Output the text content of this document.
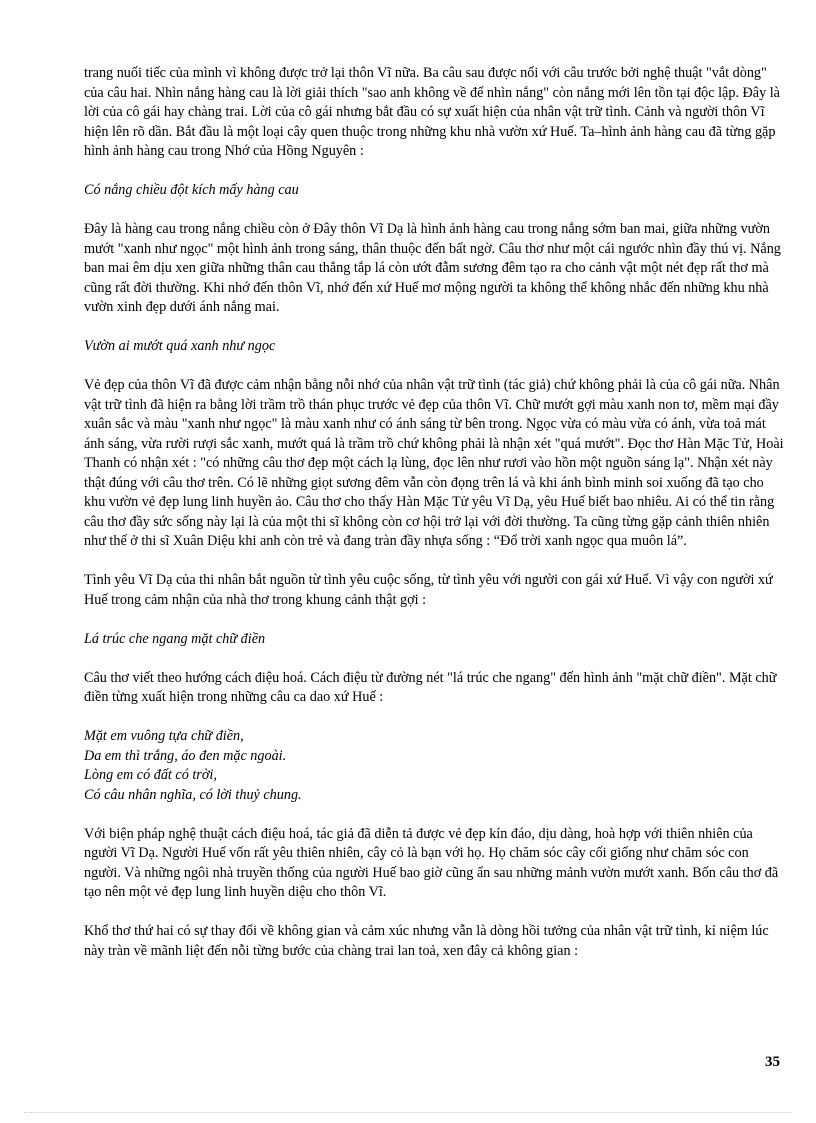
trang nuối tiếc của mình vì không được trở lại thôn Vĩ nữa. Ba câu sau được nối với câu trước bởi nghệ thuật "vắt dòng" của câu hai. Nhìn nắng hàng cau là lời giải thích "sao anh không về để nhìn nắng" còn nắng mới lên tồn tại độc lập. Đây là lời của cô gái hay chàng trai. Lời của cô gái nhưng bắt đầu có sự xuất hiện của nhân vật trữ tình. Cảnh và người thôn Vĩ hiện lên rõ dần. Bắt đầu là một loại cây quen thuộc trong những khu nhà vườn xứ Huế. Ta–hình ảnh hàng cau đã từng gặp hình ảnh hàng cau trong Nhớ của Hồng Nguyên :

Có nắng chiều đột kích mấy hàng cau

Đây là hàng cau trong nắng chiều còn ở Đây thôn Vĩ Dạ là hình ảnh hàng cau trong nắng sớm ban mai, giữa những vườn mướt "xanh như ngọc" một hình ảnh trong sáng, thân thuộc đến bất ngờ. Câu thơ như một cái ngước nhìn đầy thú vị. Nắng ban mai êm dịu xen giữa những thân cau thẳng tắp lá còn ướt đẫm sương đêm tạo ra cho cảnh vật một nét đẹp rất thơ mà cũng rất đời thường. Khi nhớ đến thôn Vĩ, nhớ đến xứ Huế mơ mộng người ta không thể không nhắc đến những khu nhà vườn xinh đẹp dưới ánh nắng mai.

Vườn ai mướt quá xanh như ngọc

Vẻ đẹp của thôn Vĩ đã được cảm nhận bằng nỗi nhớ của nhân vật trữ tình (tác giả) chứ không phải là của cô gái nữa. Nhân vật trữ tình đã hiện ra bằng lời trầm trồ thán phục trước vẻ đẹp của thôn Vĩ. Chữ mướt gợi màu xanh non tơ, mềm mại đầy xuân sắc và màu "xanh như ngọc" là màu xanh như có ánh sáng từ bên trong. Ngọc vừa có màu vừa có ánh, vừa toả mát ánh sáng, vừa rười rượi sắc xanh, mướt quá là trầm trồ chứ không phải là nhận xét "quá mướt". Đọc thơ Hàn Mặc Tử, Hoài Thanh có nhận xét : "có những câu thơ đẹp một cách lạ lùng, đọc lên như rươi vào hồn một nguồn sáng lạ". Nhận xét này thật đúng với câu thơ trên. Có lẽ những giọt sương đêm vẫn còn đọng trên lá và khi ánh bình minh soi xuống đã tạo cho khu vườn vẻ đẹp lung linh huyền ảo. Câu thơ cho thấy Hàn Mặc Tử yêu Vĩ Dạ, yêu Huế biết bao nhiêu. Ai có thể tin rằng câu thơ đầy sức sống này lại là của một thi sĩ không còn cơ hội trở lại với đời thường. Ta cũng từng gặp cảnh thiên nhiên như thế ở thi sĩ Xuân Diệu khi anh còn trẻ và đang tràn đầy nhựa sống : “Đổ trời xanh ngọc qua muôn lá”.

Tình yêu Vĩ Dạ của thi nhân bắt nguồn từ tình yêu cuộc sống, từ tình yêu với người con gái xứ Huế. Vì vậy con người xứ Huế trong cảm nhận của nhà thơ trong khung cảnh thật gợi :

Lá trúc che ngang mặt chữ điền

Câu thơ viết theo hướng cách điệu hoá. Cách điệu từ đường nét "lá trúc che ngang" đến hình ảnh "mặt chữ điền". Mặt chữ điền từng xuất hiện trong những câu ca dao xứ Huế :

Mặt em vuông tựa chữ điền,
Da em thì trắng, áo đen mặc ngoài.
Lòng em có đất có trời,
Có câu nhân nghĩa, có lời thuỷ chung.

Với biện pháp nghệ thuật cách điệu hoá, tác giả đã diễn tả được vẻ đẹp kín đáo, dịu dàng, hoà hợp với thiên nhiên của người Vĩ Dạ. Người Huế vốn rất yêu thiên nhiên, cây cỏ là bạn với họ. Họ chăm sóc cây cối giống như chăm sóc con người. Và những ngôi nhà truyền thống của người Huế bao giờ cũng ẩn sau những mảnh vườn mướt xanh. Bốn câu thơ đã tạo nên một vẻ đẹp lung linh huyền diệu cho thôn Vĩ.

Khổ thơ thứ hai có sự thay đổi về không gian và cảm xúc nhưng vẫn là dòng hồi tưởng của nhân vật trữ tình, kỉ niệm lúc này tràn về mãnh liệt đến nỗi từng bước của chàng trai lan toả, xen đây cả không gian :

35
